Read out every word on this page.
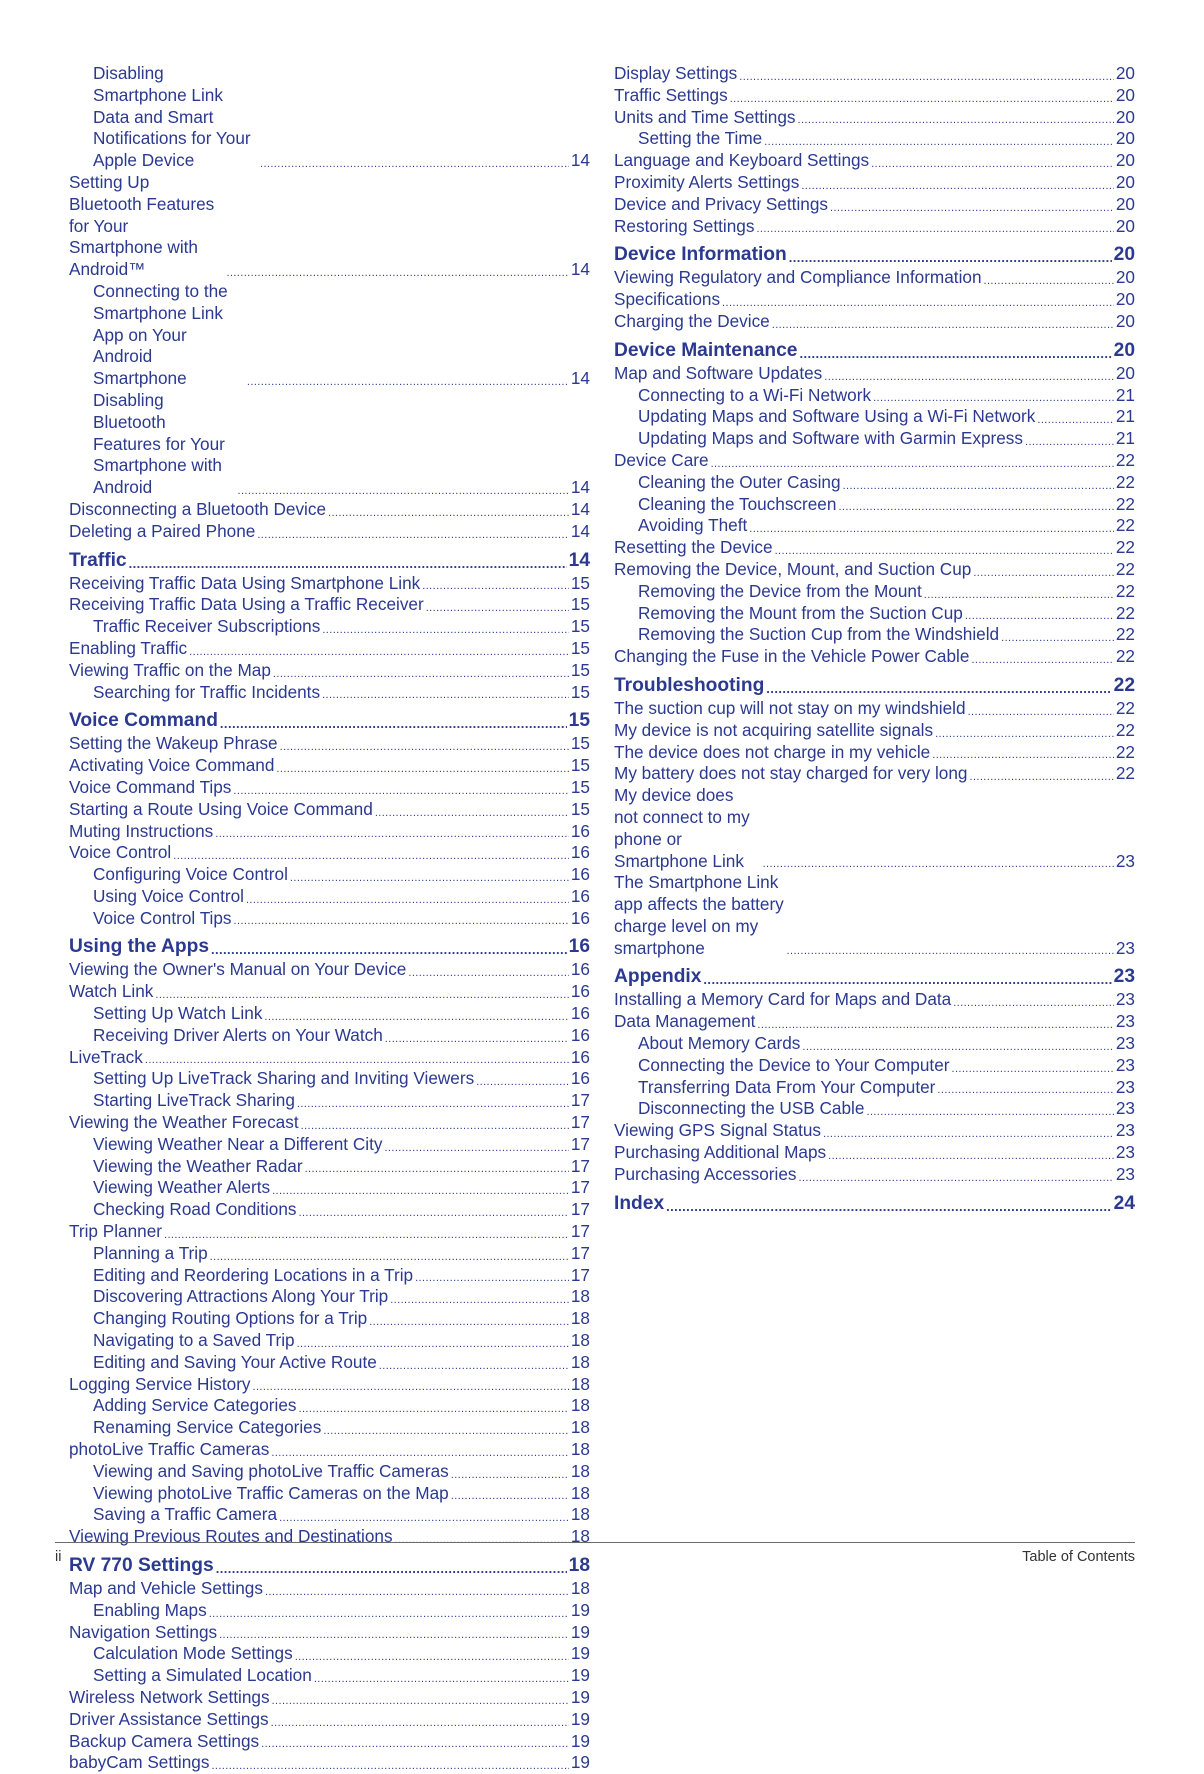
Disabling Smartphone Link Data and Smart Notifications for Your Apple Device .....	14
Setting Up Bluetooth Features for Your Smartphone with Android™ .....	14
Connecting to the Smartphone Link App on Your Android Smartphone .....	14
Disabling Bluetooth Features for Your Smartphone with Android .....	14
Disconnecting a Bluetooth Device .....	14
Deleting a Paired Phone .....	14
Traffic .....	14
Receiving Traffic Data Using Smartphone Link .....	15
Receiving Traffic Data Using a Traffic Receiver .....	15
Traffic Receiver Subscriptions .....	15
Enabling Traffic .....	15
Viewing Traffic on the Map .....	15
Searching for Traffic Incidents .....	15
Voice Command .....	15
Setting the Wakeup Phrase .....	15
Activating Voice Command .....	15
Voice Command Tips .....	15
Starting a Route Using Voice Command .....	15
Muting Instructions .....	16
Voice Control .....	16
Configuring Voice Control .....	16
Using Voice Control .....	16
Voice Control Tips .....	16
Using the Apps .....	16
Viewing the Owner's Manual on Your Device .....	16
Watch Link .....	16
Setting Up Watch Link .....	16
Receiving Driver Alerts on Your Watch .....	16
LiveTrack .....	16
Setting Up LiveTrack Sharing and Inviting Viewers .....	16
Starting LiveTrack Sharing .....	17
Viewing the Weather Forecast .....	17
Viewing Weather Near a Different City .....	17
Viewing the Weather Radar .....	17
Viewing Weather Alerts .....	17
Checking Road Conditions .....	17
Trip Planner .....	17
Planning a Trip .....	17
Editing and Reordering Locations in a Trip .....	17
Discovering Attractions Along Your Trip .....	18
Changing Routing Options for a Trip .....	18
Navigating to a Saved Trip .....	18
Editing and Saving Your Active Route .....	18
Logging Service History .....	18
Adding Service Categories .....	18
Renaming Service Categories .....	18
photoLive Traffic Cameras .....	18
Viewing and Saving photoLive Traffic Cameras .....	18
Viewing photoLive Traffic Cameras on the Map .....	18
Saving a Traffic Camera .....	18
Viewing Previous Routes and Destinations .....	18
RV 770 Settings .....	18
Map and Vehicle Settings .....	18
Enabling Maps .....	19
Navigation Settings .....	19
Calculation Mode Settings .....	19
Setting a Simulated Location .....	19
Wireless Network Settings .....	19
Driver Assistance Settings .....	19
Backup Camera Settings .....	19
babyCam Settings .....	19
Display Settings .....	20
Traffic Settings .....	20
Units and Time Settings .....	20
Setting the Time .....	20
Language and Keyboard Settings .....	20
Proximity Alerts Settings .....	20
Device and Privacy Settings .....	20
Restoring Settings .....	20
Device Information .....	20
Viewing Regulatory and Compliance Information .....	20
Specifications .....	20
Charging the Device .....	20
Device Maintenance .....	20
Map and Software Updates .....	20
Connecting to a Wi-Fi Network .....	21
Updating Maps and Software Using a Wi-Fi Network .....	21
Updating Maps and Software with Garmin Express .....	21
Device Care .....	22
Cleaning the Outer Casing .....	22
Cleaning the Touchscreen .....	22
Avoiding Theft .....	22
Resetting the Device .....	22
Removing the Device, Mount, and Suction Cup .....	22
Removing the Device from the Mount .....	22
Removing the Mount from the Suction Cup .....	22
Removing the Suction Cup from the Windshield .....	22
Changing the Fuse in the Vehicle Power Cable .....	22
Troubleshooting .....	22
The suction cup will not stay on my windshield .....	22
My device is not acquiring satellite signals .....	22
The device does not charge in my vehicle .....	22
My battery does not stay charged for very long .....	22
My device does not connect to my phone or Smartphone Link .....	23
The Smartphone Link app affects the battery charge level on my smartphone .....	23
Appendix .....	23
Installing a Memory Card for Maps and Data .....	23
Data Management .....	23
About Memory Cards .....	23
Connecting the Device to Your Computer .....	23
Transferring Data From Your Computer .....	23
Disconnecting the USB Cable .....	23
Viewing GPS Signal Status .....	23
Purchasing Additional Maps .....	23
Purchasing Accessories .....	23
Index .....	24
ii	Table of Contents
